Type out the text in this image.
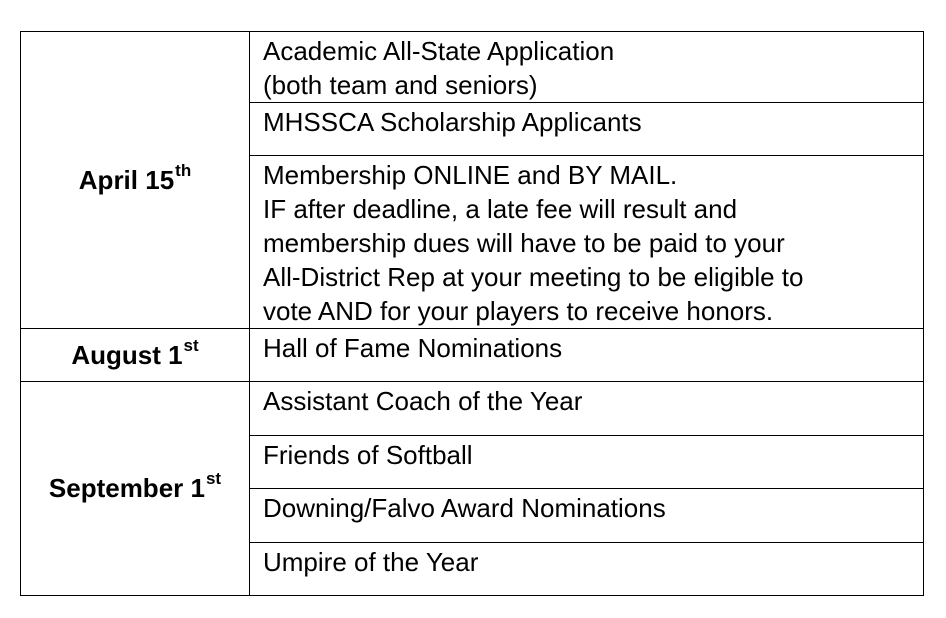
April 15th	Academic All-State Application
(both team and seniors)

	MHSSCA Scholarship Applicants

	Membership ONLINE and BY MAIL.
IF after deadline, a late fee will result and
membership dues will have to be paid to your
All-District Rep at your meeting to be eligible to
vote AND for your players to receive honors.

August 1st	Hall of Fame Nominations

September 1st	Assistant Coach of the Year

	Friends of Softball

	Downing/Falvo Award Nominations

	Umpire of the Year
